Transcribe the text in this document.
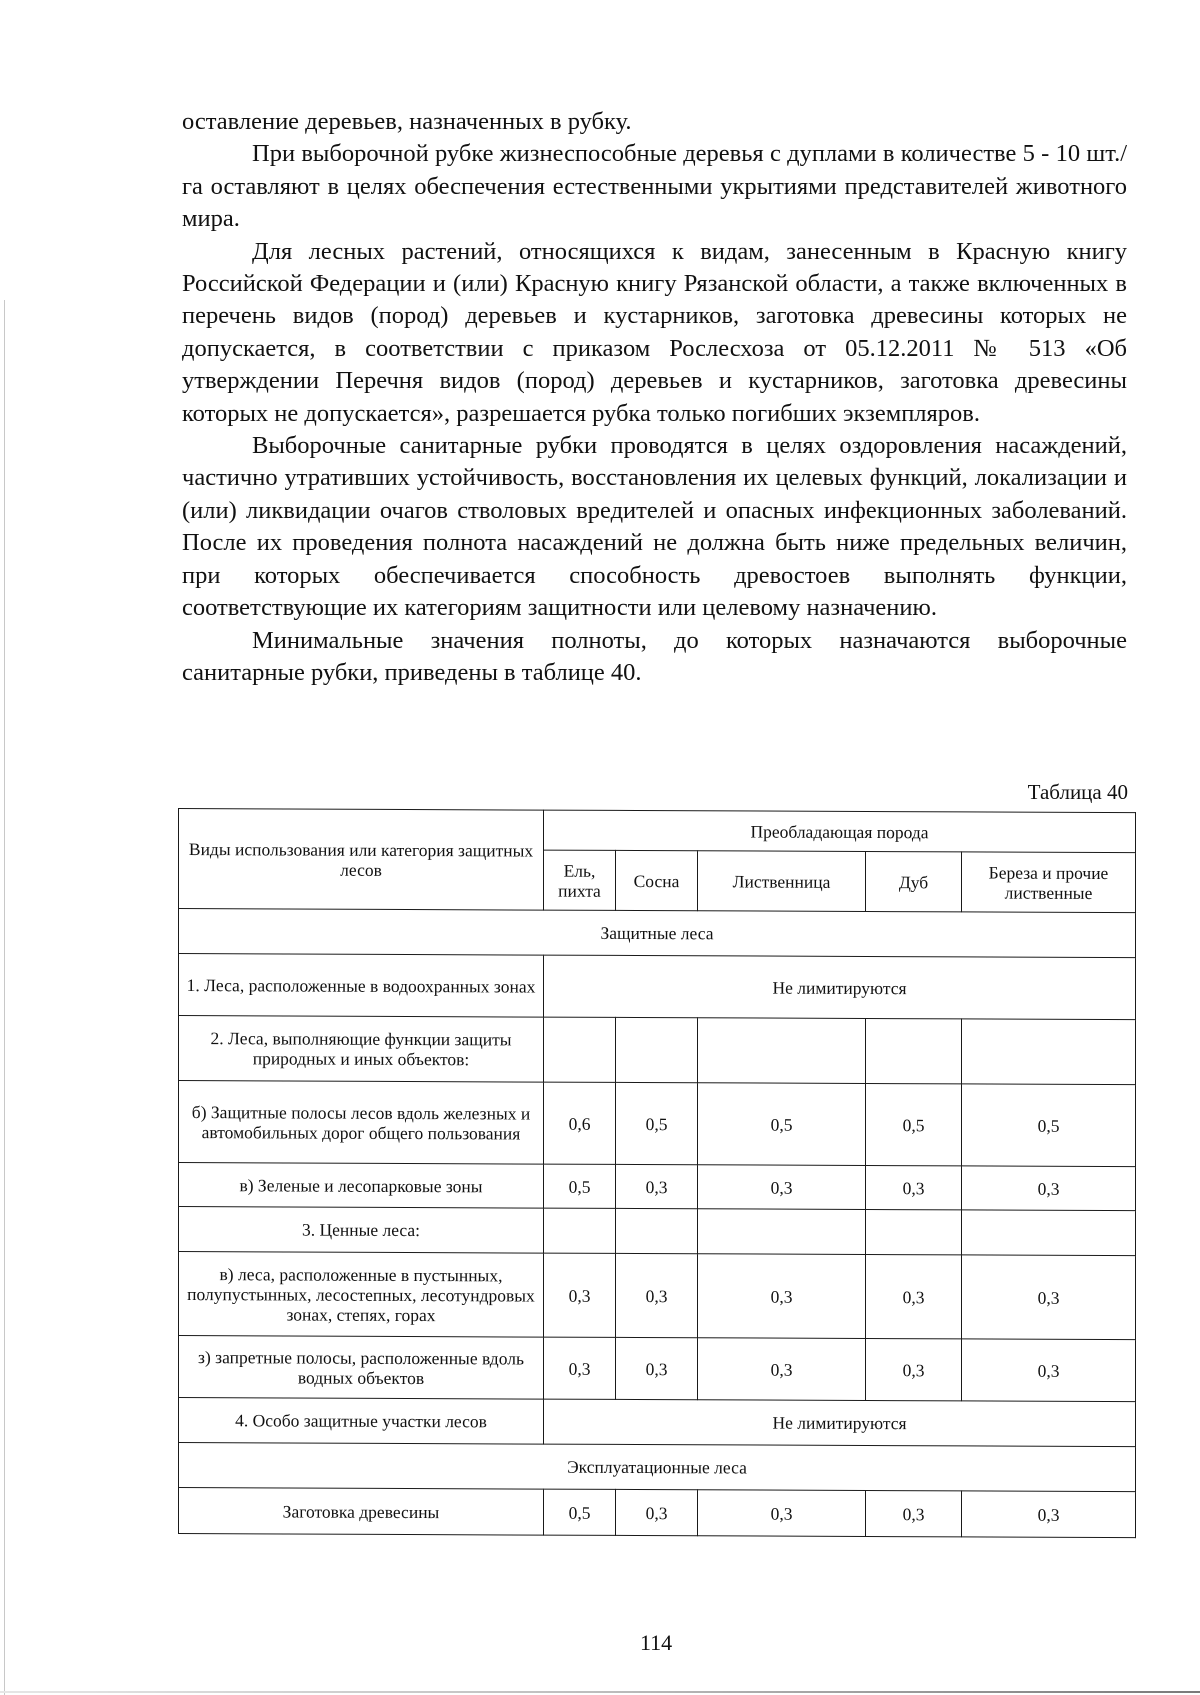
оставление деревьев, назначенных в рубку.

При выборочной рубке жизнеспособные деревья с дуплами в количестве 5 - 10 шт./га оставляют в целях обеспечения естественными укрытиями представителей животного мира.

Для лесных растений, относящихся к видам, занесенным в Красную книгу Российской Федерации и (или) Красную книгу Рязанской области, а также включенных в перечень видов (пород) деревьев и кустарников, заготовка древесины которых не допускается, в соответствии с приказом Рослесхоза от 05.12.2011 № 513 «Об утверждении Перечня видов (пород) деревьев и кустарников, заготовка древесины которых не допускается», разрешается рубка только погибших экземпляров.

Выборочные санитарные рубки проводятся в целях оздоровления насаждений, частично утративших устойчивость, восстановления их целевых функций, локализации и (или) ликвидации очагов стволовых вредителей и опасных инфекционных заболеваний. После их проведения полнота насаждений не должна быть ниже предельных величин, при которых обеспечивается способность древостоев выполнять функции, соответствующие их категориям защитности или целевому назначению.

Минимальные значения полноты, до которых назначаются выборочные санитарные рубки, приведены в таблице 40.

Таблица 40
Виды использования или категория защитных лесов	Преобладающая порода				
	Ель, пихта	Сосна	Лиственница	Дуб	Береза и прочие лиственные
Защитные леса					
1. Леса, расположенные в водоохранных зонах	Не лимитируются				
2. Леса, выполняющие функции защиты природных и иных объектов:					
б) Защитные полосы лесов вдоль железных и автомобильных дорог общего пользования	0,6	0,5	0,5	0,5	0,5
в) Зеленые и лесопарковые зоны	0,5	0,3	0,3	0,3	0,3
3. Ценные леса:					
в) леса, расположенные в пустынных, полупустынных, лесостепных, лесотундровых зонах, степях, горах	0,3	0,3	0,3	0,3	0,3
з) запретные полосы, расположенные вдоль водных объектов	0,3	0,3	0,3	0,3	0,3
4. Особо защитные участки лесов	Не лимитируются				
Эксплуатационные леса					
Заготовка древесины	0,5	0,3	0,3	0,3	0,3
114
